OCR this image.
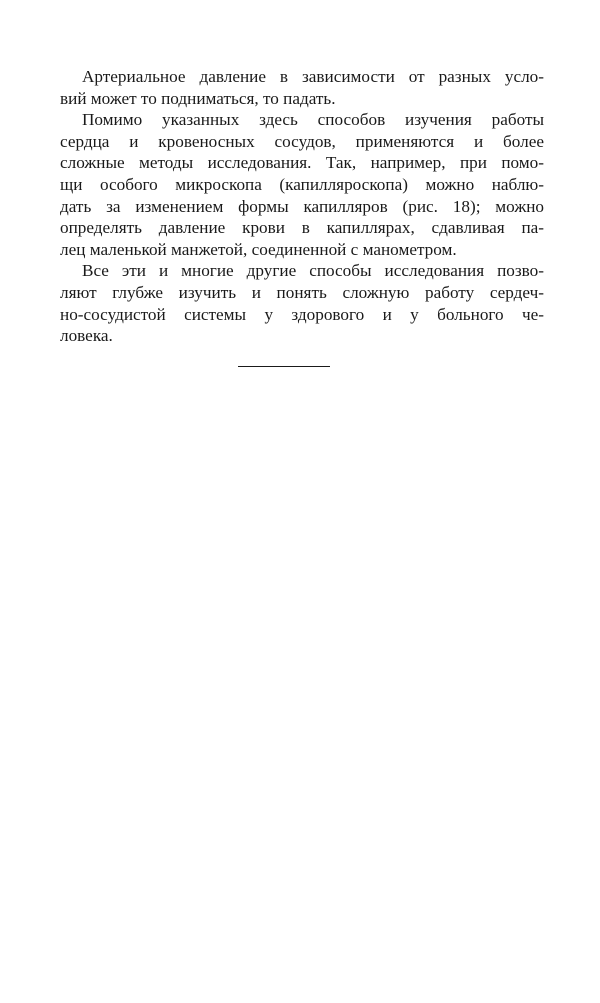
Артериальное давление в зависимости от разных усло-
вий может то подниматься, то падать.
Помимо указанных здесь способов изучения работы
сердца и кровеносных сосудов, применяются и более
сложные методы исследования. Так, например, при помо-
щи особого микроскопа (капилляроскопа) можно наблю-
дать за изменением формы капилляров (рис. 18); можно
определять давление крови в капиллярах, сдавливая па-
лец маленькой манжетой, соединенной с манометром.
Все эти и многие другие способы исследования позво-
ляют глубже изучить и понять сложную работу сердеч-
но-сосудистой системы у здорового и у больного че-
ловека.
